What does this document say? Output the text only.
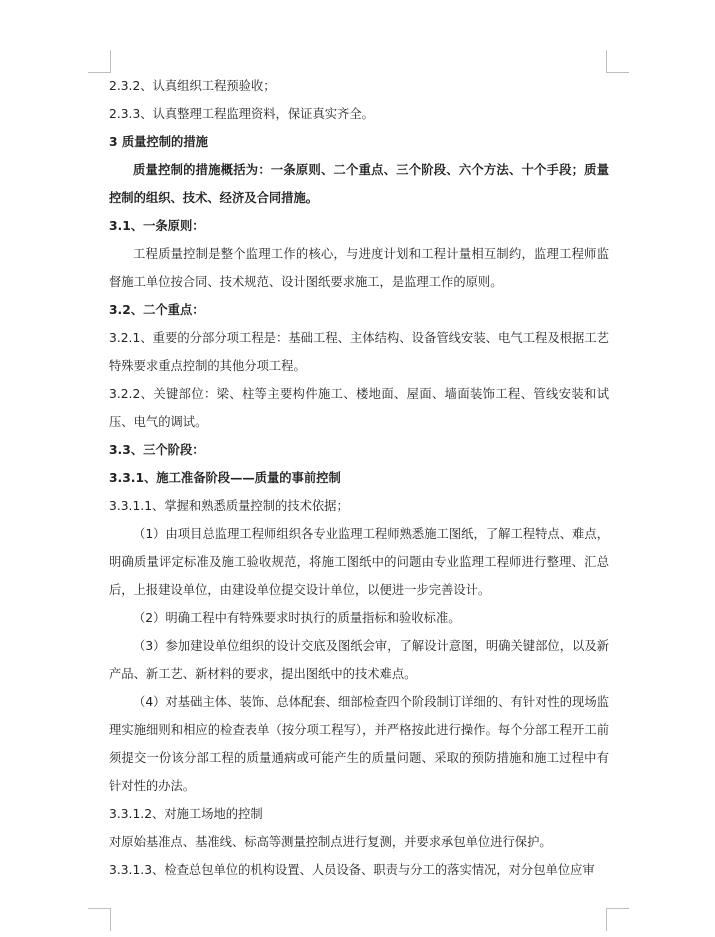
2.3.2、认真组织工程预验收；

2.3.3、认真整理工程监理资料，保证真实齐全。

3 质量控制的措施

质量控制的措施概括为：一条原则、二个重点、三个阶段、六个方法、十个手段；质量控制的组织、技术、经济及合同措施。

3.1、一条原则：

工程质量控制是整个监理工作的核心，与进度计划和工程计量相互制约，监理工程师监督施工单位按合同、技术规范、设计图纸要求施工，是监理工作的原则。

3.2、二个重点：

3.2.1、重要的分部分项工程是：基础工程、主体结构、设备管线安装、电气工程及根据工艺特殊要求重点控制的其他分项工程。

3.2.2、关键部位：梁、柱等主要构件施工、楼地面、屋面、墙面装饰工程、管线安装和试压、电气的调试。

3.3、三个阶段：

3.3.1、施工准备阶段——质量的事前控制

3.3.1.1、掌握和熟悉质量控制的技术依据；

（1）由项目总监理工程师组织各专业监理工程师熟悉施工图纸，了解工程特点、难点，明确质量评定标准及施工验收规范，将施工图纸中的问题由专业监理工程师进行整理、汇总后，上报建设单位，由建设单位提交设计单位，以便进一步完善设计。

（2）明确工程中有特殊要求时执行的质量指标和验收标准。

（3）参加建设单位组织的设计交底及图纸会审，了解设计意图，明确关键部位，以及新产品、新工艺、新材料的要求，提出图纸中的技术难点。

（4）对基础主体、装饰、总体配套、细部检查四个阶段制订详细的、有针对性的现场监理实施细则和相应的检查表单（按分项工程写），并严格按此进行操作。每个分部工程开工前须提交一份该分部工程的质量通病或可能产生的质量问题、采取的预防措施和施工过程中有针对性的办法。

3.3.1.2、对施工场地的控制

对原始基准点、基准线、标高等测量控制点进行复测，并要求承包单位进行保护。

3.3.1.3、检查总包单位的机构设置、人员设备、职责与分工的落实情况，对分包单位应审
